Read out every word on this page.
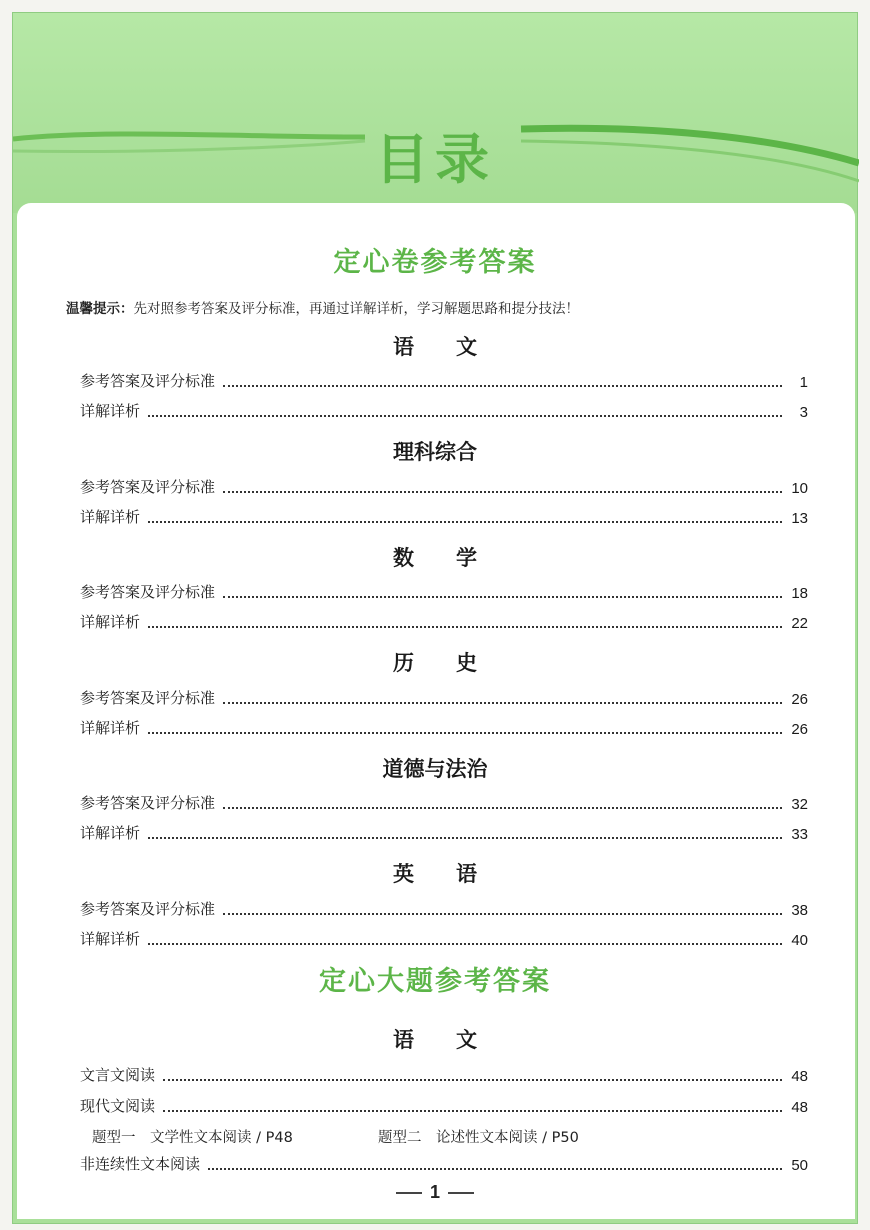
目录
定心卷参考答案
温馨提示：先对照参考答案及评分标准，再通过详解详析，学习解题思路和提分技法！
语　　文
参考答案及评分标准	1
详解详析	3
理科综合
参考答案及评分标准	10
详解详析	13
数　　学
参考答案及评分标准	18
详解详析	22
历　　史
参考答案及评分标准	26
详解详析	26
道德与法治
参考答案及评分标准	32
详解详析	33
英　　语
参考答案及评分标准	38
详解详析	40
定心大题参考答案
语　　文
文言文阅读	48
现代文阅读	48
题型一　文学性文本阅读 / P48	题型二　论述性文本阅读 / P50
非连续性文本阅读	50
1
